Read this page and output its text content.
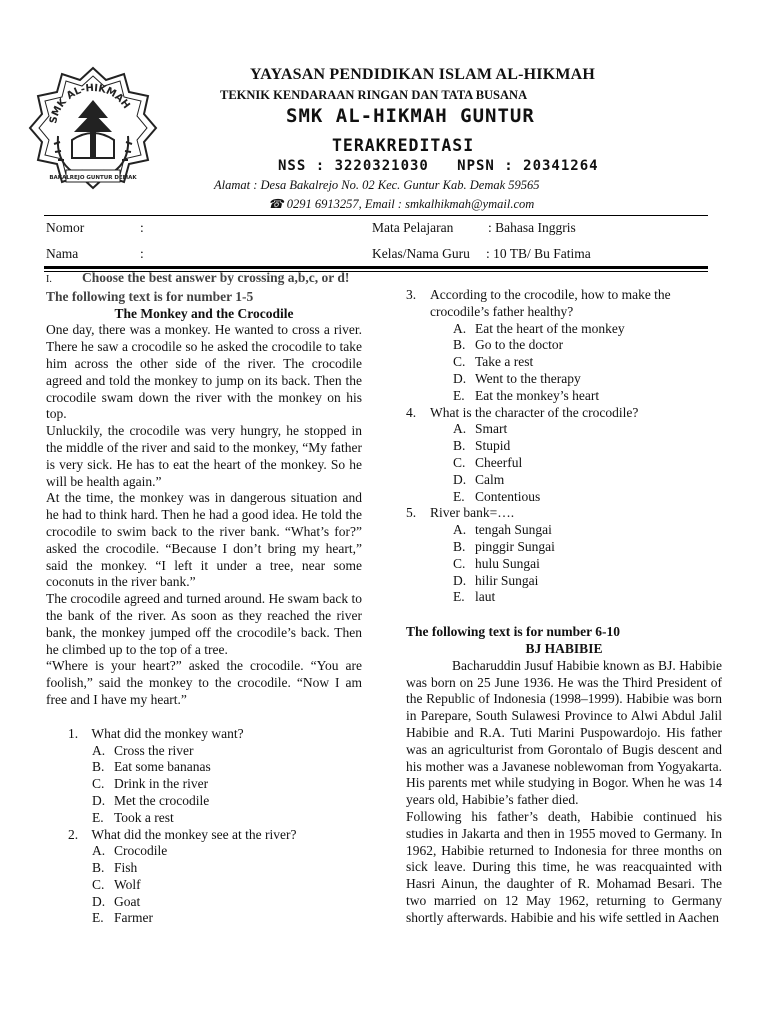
SMK AL-HIKMAH
BAKALREJO GUNTUR DEMAK
YAYASAN PENDIDIKAN ISLAM AL-HIKMAH
TEKNIK KENDARAAN RINGAN DAN TATA BUSANA
SMK AL-HIKMAH GUNTUR
TERAKREDITASI
NSS : 3220321030   NPSN : 20341264
Alamat : Desa Bakalrejo No. 02 Kec. Guntur Kab. Demak 59565
☎ 0291 6913257, Email : smkalhikmah@ymail.com
Nomor	:	Mata Pelajaran	: Bahasa Inggris
Nama	:	Kelas/Nama Guru : 10 TB/ Bu Fatima
I.	Choose the best answer by crossing a,b,c, or d!
The following text is for number 1-5
The Monkey and the Crocodile

One day, there was a monkey. He wanted to cross a river. There he saw a crocodile so he asked the crocodile to take him across the other side of the river. The crocodile agreed and told the monkey to jump on its back. Then the crocodile swam down the river with the monkey on his top.

Unluckily, the crocodile was very hungry, he stopped in the middle of the river and said to the monkey, “My father is very sick. He has to eat the heart of the monkey. So he will be health again.”

At the time, the monkey was in dangerous situation and he had to think hard. Then he had a good idea. He told the crocodile to swim back to the river bank. “What’s for?” asked the crocodile. “Because I don’t bring my heart,” said the monkey. “I left it under a tree, near some coconuts in the river bank.”

The crocodile agreed and turned around. He swam back to the bank of the river. As soon as they reached the river bank, the monkey jumped off the crocodile’s back. Then he climbed up to the top of a tree.

“Where is your heart?” asked the crocodile. “You are foolish,” said the monkey to the crocodile. “Now I am free and I have my heart.”

1. What did the monkey want?
A. Cross the river
B. Eat some bananas
C. Drink in the river
D. Met the crocodile
E. Took a rest
2. What did the monkey see at the river?
A. Crocodile
B. Fish
C. Wolf
D. Goat
E. Farmer
3.	According to the crocodile, how to make the crocodile’s father healthy?
A. Eat the heart of the monkey
B. Go to the doctor
C. Take a rest
D. Went to the therapy
E. Eat the monkey’s heart
4.	What is the character of the crocodile?
A. Smart
B. Stupid
C. Cheerful
D. Calm
E. Contentious
5.	River bank=….
A. tengah Sungai
B. pinggir Sungai
C. hulu Sungai
D. hilir Sungai
E. laut
The following text is for number 6-10
BJ HABIBIE

Bacharuddin Jusuf Habibie known as BJ. Habibie was born on 25 June 1936. He was the Third President of the Republic of Indonesia (1998–1999). Habibie was born in Parepare, South Sulawesi Province to Alwi Abdul Jalil Habibie and R.A. Tuti Marini Puspowardojo. His father was an agriculturist from Gorontalo of Bugis descent and his mother was a Javanese noblewoman from Yogyakarta. His parents met while studying in Bogor. When he was 14 years old, Habibie’s father died.

Following his father’s death, Habibie continued his studies in Jakarta and then in 1955 moved to Germany. In 1962, Habibie returned to Indonesia for three months on sick leave. During this time, he was reacquainted with Hasri Ainun, the daughter of R. Mohamad Besari. The two married on 12 May 1962, returning to Germany shortly afterwards. Habibie and his wife settled in Aachen
